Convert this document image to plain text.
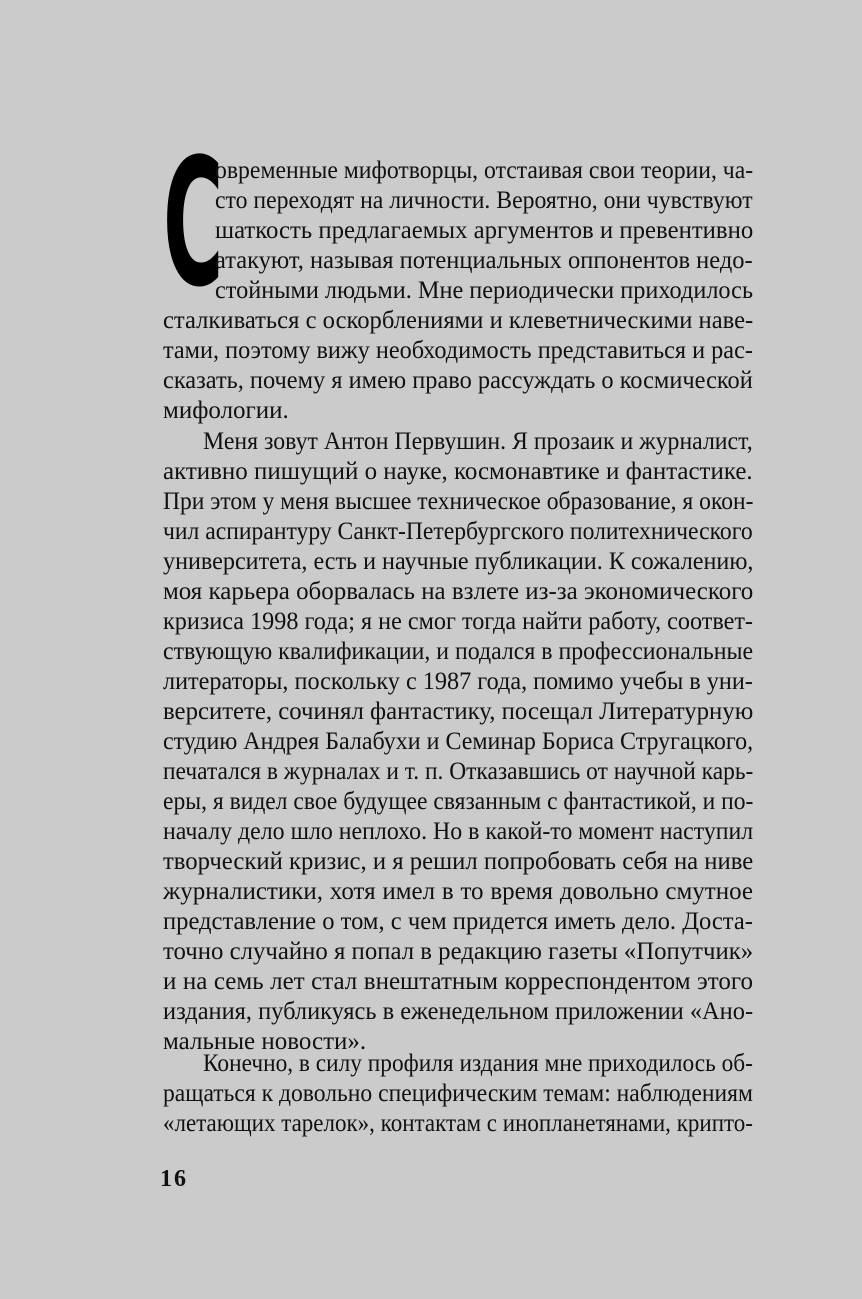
С
овременные мифотворцы, отстаивая свои теории, ча-
сто переходят на личности. Вероятно, они чувствуют
шаткость предлагаемых аргументов и превентивно
атакуют, называя потенциальных оппонентов недо-
стойными людьми. Мне периодически приходилось
сталкиваться с оскорблениями и клеветническими наве-
тами, поэтому вижу необходимость представиться и рас-
сказать, почему я имею право рассуждать о космической
мифологии.
Меня зовут Антон Первушин. Я прозаик и журналист,
активно пишущий о науке, космонавтике и фантастике.
При этом у меня высшее техническое образование, я окон-
чил аспирантуру Санкт-Петербургского политехнического
университета, есть и научные публикации. К сожалению,
моя карьера оборвалась на взлете из-за экономического
кризиса 1998 года; я не смог тогда найти работу, соответ-
ствующую квалификации, и подался в профессиональные
литераторы, поскольку с 1987 года, помимо учебы в уни-
верситете, сочинял фантастику, посещал Литературную
студию Андрея Балабухи и Семинар Бориса Стругацкого,
печатался в журналах и т. п. Отказавшись от научной карь-
еры, я видел свое будущее связанным с фантастикой, и по-
началу дело шло неплохо. Но в какой-то момент наступил
творческий кризис, и я решил попробовать себя на ниве
журналистики, хотя имел в то время довольно смутное
представление о том, с чем придется иметь дело. Доста-
точно случайно я попал в редакцию газеты «Попутчик»
и на семь лет стал внештатным корреспондентом этого
издания, публикуясь в еженедельном приложении «Ано-
мальные новости».
Конечно, в силу профиля издания мне приходилось об-
ращаться к довольно специфическим темам: наблюдениям
«летающих тарелок», контактам с инопланетянами, крипто-
16
